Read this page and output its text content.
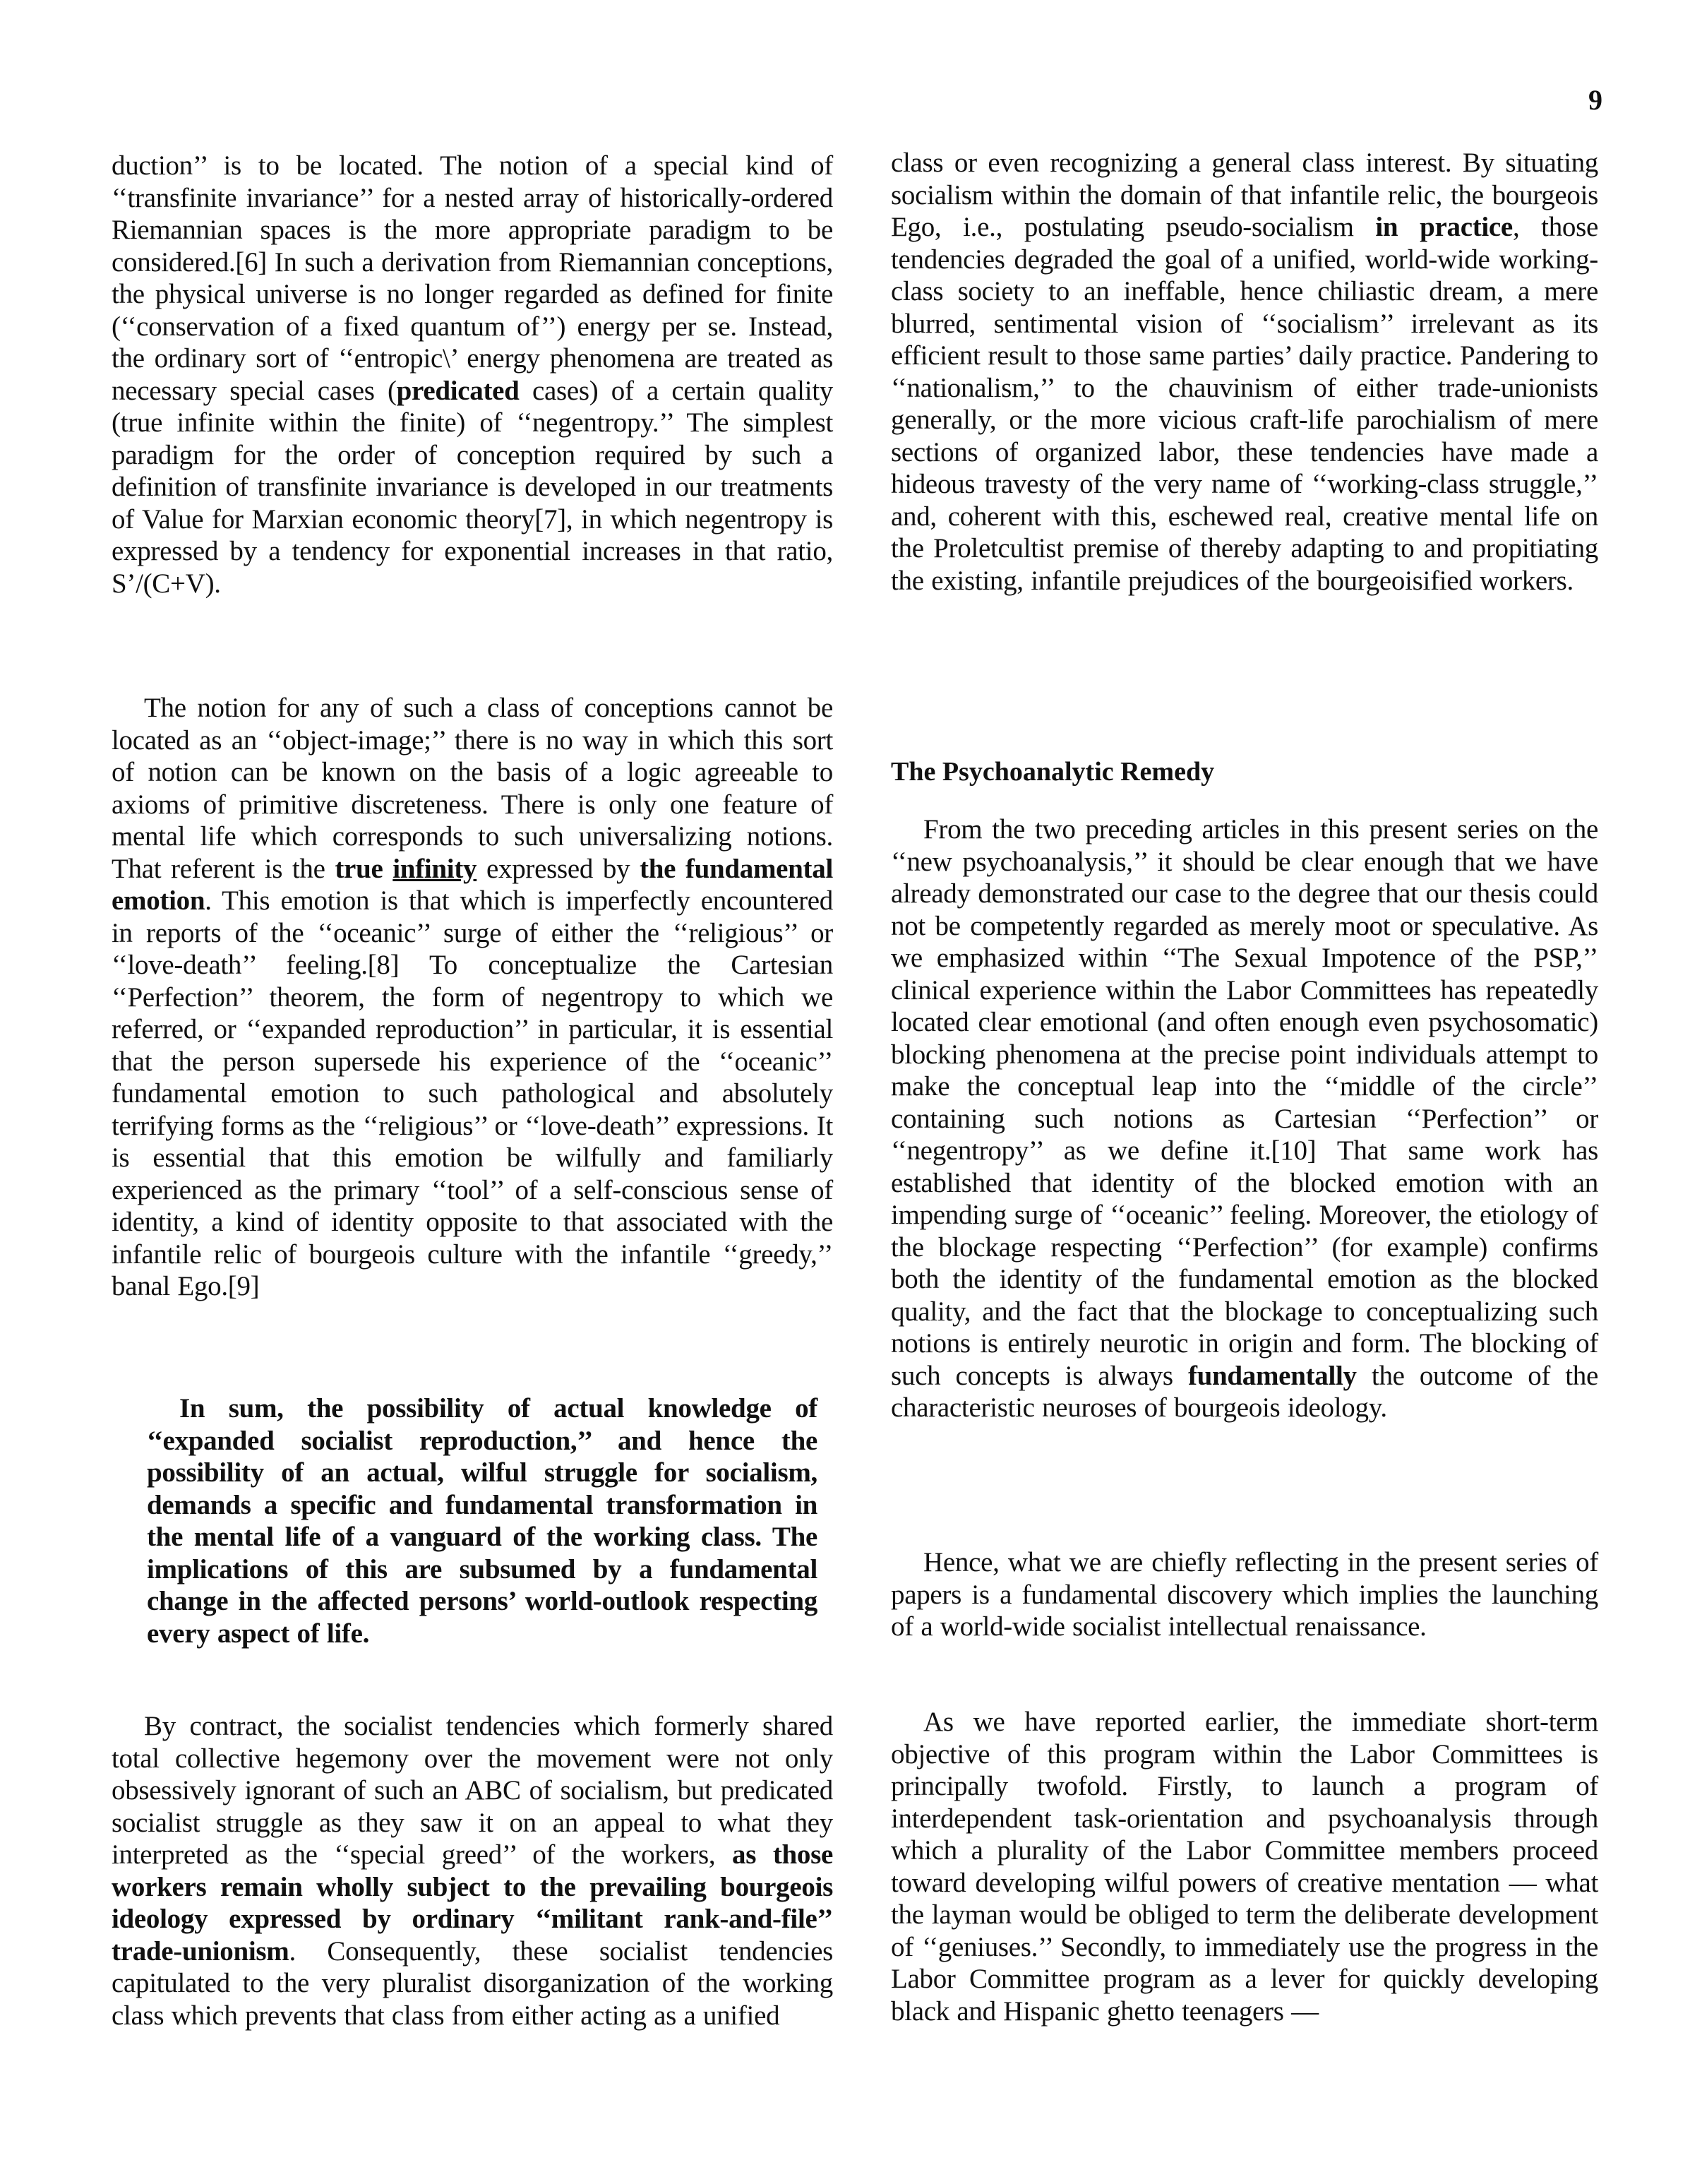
9

duction’’ is to be located. The notion of a special kind of ‘‘transfinite invariance’’ for a nested array of historically-ordered Riemannian spaces is the more appropriate paradigm to be considered.[6] In such a derivation from Riemannian conceptions, the physical universe is no longer regarded as defined for finite (‘‘conservation of a fixed quantum of’’) energy per se. Instead, the ordinary sort of ‘‘entropic\’ energy phenomena are treated as necessary special cases (predicated cases) of a certain quality (true infinite within the finite) of ‘‘negentropy.’’ The simplest paradigm for the order of conception required by such a definition of transfinite invariance is developed in our treatments of Value for Marxian economic theory[7], in which negentropy is expressed by a tendency for exponential increases in that ratio, S’/(C+V).

The notion for any of such a class of conceptions cannot be located as an ‘‘object-image;’’ there is no way in which this sort of notion can be known on the basis of a logic agreeable to axioms of primitive discreteness. There is only one feature of mental life which corresponds to such universalizing notions. That referent is the true infinity expressed by the fundamental emotion. This emotion is that which is imperfectly encountered in reports of the ‘‘oceanic’’ surge of either the ‘‘religious’’ or ‘‘love-death’’ feeling.[8] To conceptualize the Cartesian ‘‘Perfection’’ theorem, the form of negentropy to which we referred, or ‘‘expanded reproduction’’ in particular, it is essential that the person supersede his experience of the ‘‘oceanic’’ fundamental emotion to such pathological and absolutely terrifying forms as the ‘‘religious’’ or ‘‘love-death’’ expressions. It is essential that this emotion be wilfully and familiarly experienced as the primary ‘‘tool’’ of a self-conscious sense of identity, a kind of identity opposite to that associated with the infantile relic of bourgeois culture with the infantile ‘‘greedy,’’ banal Ego.[9]

In sum, the possibility of actual knowledge of ‘‘expanded socialist reproduction,’’ and hence the possibility of an actual, wilful struggle for socialism, demands a specific and fundamental transformation in the mental life of a vanguard of the working class. The implications of this are subsumed by a fundamental change in the affected persons’ world-outlook respecting every aspect of life.

By contract, the socialist tendencies which formerly shared total collective hegemony over the movement were not only obsessively ignorant of such an ABC of socialism, but predicated socialist struggle as they saw it on an appeal to what they interpreted as the ‘‘special greed’’ of the workers, as those workers remain wholly subject to the prevailing bourgeois ideology expressed by ordinary ‘‘militant rank-and-file’’ trade-unionism. Consequently, these socialist tendencies capitulated to the very pluralist disorganization of the working class which prevents that class from either acting as a unified

class or even recognizing a general class interest. By situating socialism within the domain of that infantile relic, the bourgeois Ego, i.e., postulating pseudo-socialism in practice, those tendencies degraded the goal of a unified, world-wide working-class society to an ineffable, hence chiliastic dream, a mere blurred, sentimental vision of ‘‘socialism’’ irrelevant as its efficient result to those same parties’ daily practice. Pandering to ‘‘nationalism,’’ to the chauvinism of either trade-unionists generally, or the more vicious craft-life parochialism of mere sections of organized labor, these tendencies have made a hideous travesty of the very name of ‘‘working-class struggle,’’ and, coherent with this, eschewed real, creative mental life on the Proletcultist premise of thereby adapting to and propitiating the existing, infantile prejudices of the bourgeoisified workers.

The Psychoanalytic Remedy

From the two preceding articles in this present series on the ‘‘new psychoanalysis,’’ it should be clear enough that we have already demonstrated our case to the degree that our thesis could not be competently regarded as merely moot or speculative. As we emphasized within ‘‘The Sexual Impotence of the PSP,’’ clinical experience within the Labor Committees has repeatedly located clear emotional (and often enough even psychosomatic) blocking phenomena at the precise point individuals attempt to make the conceptual leap into the ‘‘middle of the circle’’ containing such notions as Cartesian ‘‘Perfection’’ or ‘‘negentropy’’ as we define it.[10] That same work has established that identity of the blocked emotion with an impending surge of ‘‘oceanic’’ feeling. Moreover, the etiology of the blockage respecting ‘‘Perfection’’ (for example) confirms both the identity of the fundamental emotion as the blocked quality, and the fact that the blockage to conceptualizing such notions is entirely neurotic in origin and form. The blocking of such concepts is always fundamentally the outcome of the characteristic neuroses of bourgeois ideology.

Hence, what we are chiefly reflecting in the present series of papers is a fundamental discovery which implies the launching of a world-wide socialist intellectual renaissance.

As we have reported earlier, the immediate short-term objective of this program within the Labor Committees is principally twofold. Firstly, to launch a program of interdependent task-orientation and psychoanalysis through which a plurality of the Labor Committee members proceed toward developing wilful powers of creative mentation — what the layman would be obliged to term the deliberate development of ‘‘geniuses.’’ Secondly, to immediately use the progress in the Labor Committee program as a lever for quickly developing black and Hispanic ghetto teenagers —
